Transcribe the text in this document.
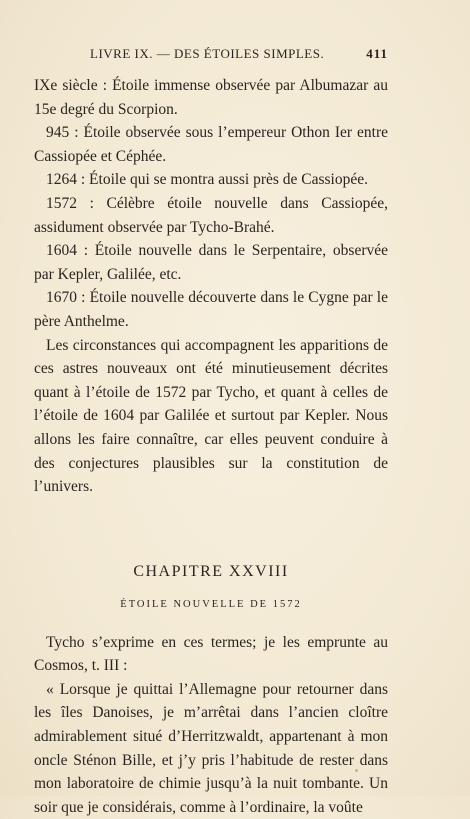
LIVRE IX. — DES ÉTOILES SIMPLES.	411

IXe siècle : Étoile immense observée par Albumazar au 15e degré du Scorpion.

945 : Étoile observée sous l’empereur Othon Ier entre Cassiopée et Céphée.

1264 : Étoile qui se montra aussi près de Cassiopée.

1572 : Célèbre étoile nouvelle dans Cassiopée, assidument observée par Tycho-Brahé.

1604 : Étoile nouvelle dans le Serpentaire, observée par Kepler, Galilée, etc.

1670 : Étoile nouvelle découverte dans le Cygne par le père Anthelme.

Les circonstances qui accompagnent les apparitions de ces astres nouveaux ont été minutieusement décrites quant à l’étoile de 1572 par Tycho, et quant à celles de l’étoile de 1604 par Galilée et surtout par Kepler. Nous allons les faire connaître, car elles peuvent conduire à des conjectures plausibles sur la constitution de l’univers.

CHAPITRE XXVIII
ÉTOILE NOUVELLE DE 1572

Tycho s’exprime en ces termes; je les emprunte au Cosmos, t. III :

« Lorsque je quittai l’Allemagne pour retourner dans les îles Danoises, je m’arrêtai dans l’ancien cloître admirablement situé d’Herritzwaldt, appartenant à mon oncle Sténon Bille, et j’y pris l’habitude de rester dans mon laboratoire de chimie jusqu’à la nuit tombante. Un soir que je considérais, comme à l’ordinaire, la voûte
